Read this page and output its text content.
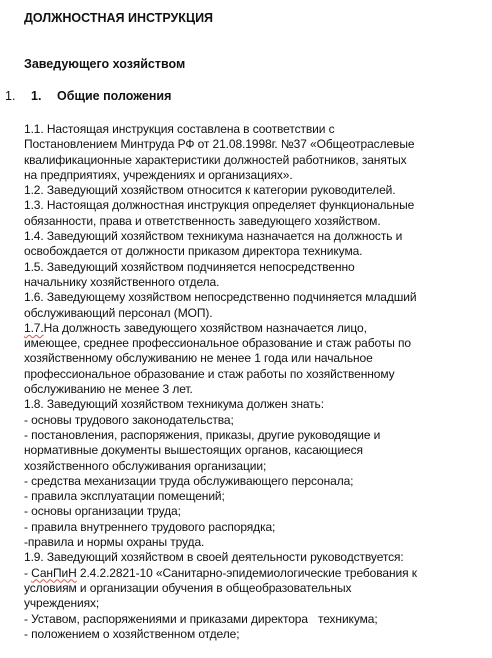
ДОЛЖНОСТНАЯ ИНСТРУКЦИЯ
Заведующего хозяйством
1. 1. Общие положения
1.1. Настоящая инструкция составлена в соответствии с
Постановлением Минтруда РФ от 21.08.1998г. №37 «Общеотраслевые
квалификационные характеристики должностей работников, занятых
на предприятиях, учреждениях и организациях».
1.2. Заведующий хозяйством относится к категории руководителей.
1.3. Настоящая должностная инструкция определяет функциональные
обязанности, права и ответственность заведующего хозяйством.
1.4. Заведующий хозяйством техникума назначается на должность и
освобождается от должности приказом директора техникума.
1.5. Заведующий хозяйством подчиняется непосредственно
начальнику хозяйственного отдела.
1.6. Заведующему хозяйством непосредственно подчиняется младший
обслуживающий персонал (МОП).
1.7.На должность заведующего хозяйством назначается лицо,
имеющее, среднее профессиональное образование и стаж работы по
хозяйственному обслуживанию не менее 1 года или начальное
профессиональное образование и стаж работы по хозяйственному
обслуживанию не менее 3 лет.
1.8. Заведующий хозяйством техникума должен знать:
- основы трудового законодательства;
- постановления, распоряжения, приказы, другие руководящие и
нормативные документы вышестоящих органов, касающиеся
хозяйственного обслуживания организации;
- средства механизации труда обслуживающего персонала;
- правила эксплуатации помещений;
- основы организации труда;
- правила внутреннего трудового распорядка;
-правила и нормы охраны труда.
1.9. Заведующий хозяйством в своей деятельности руководствуется:
- СанПиН 2.4.2.2821-10 «Санитарно-эпидемиологические требования к
условиям и организации обучения в общеобразовательных
учреждениях;
- Уставом, распоряжениями и приказами директора техникума;
- положением о хозяйственном отделе;
